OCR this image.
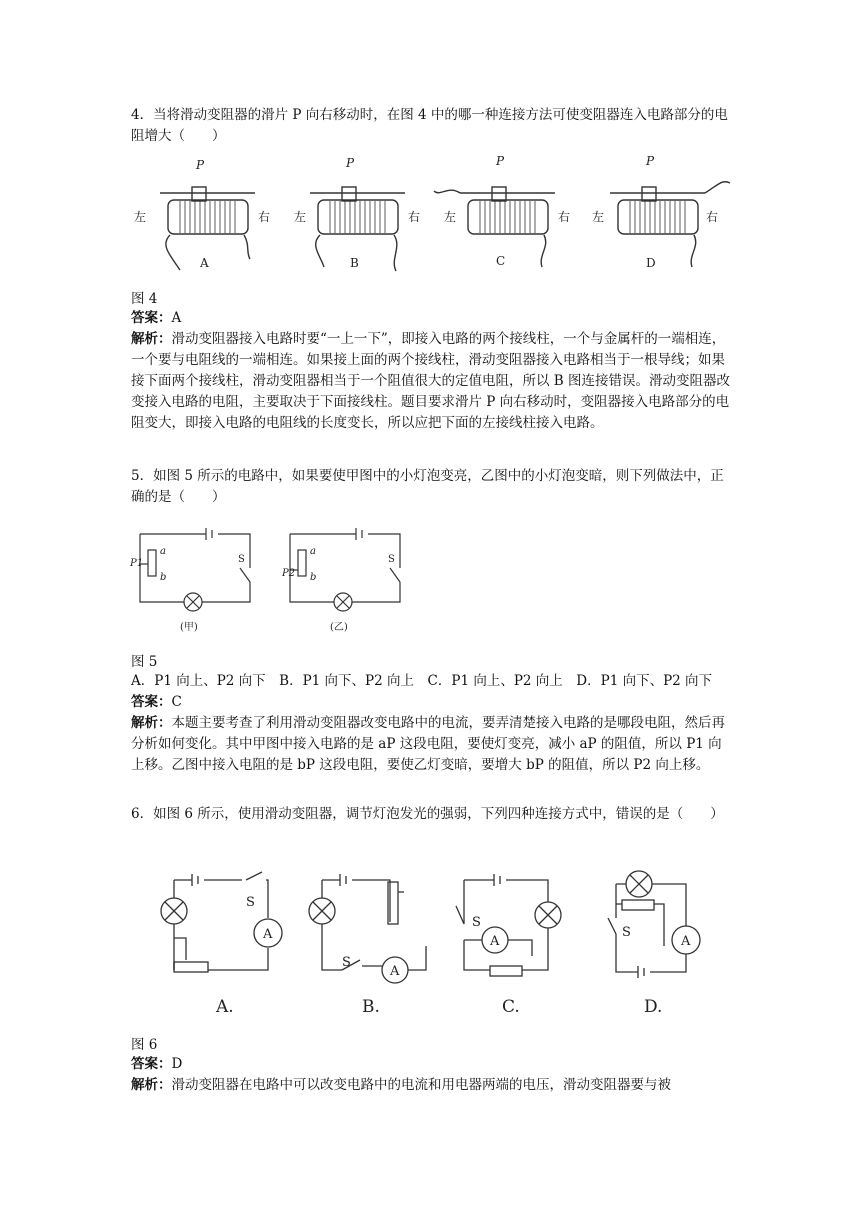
4．当将滑动变阻器的滑片 P 向右移动时，在图 4 中的哪一种连接方法可使变阻器连入电路部分的电阻增大（　　）

P	P	P	P
左	右 左	右 左	右 左	右
A	B	C	D
图 4

答案：A

解析：滑动变阻器接入电路时要“一上一下”，即接入电路的两个接线柱，一个与金属杆的一端相连，一个要与电阻线的一端相连。如果接上面的两个接线柱，滑动变阻器接入电路相当于一根导线；如果接下面两个接线柱，滑动变阻器相当于一个阻值很大的定值电阻，所以 B 图连接错误。滑动变阻器改变接入电路的电阻，主要取决于下面接线柱。题目要求滑片 P 向右移动时，变阻器接入电路部分的电阻变大，即接入电路的电阻线的长度变长，所以应把下面的左接线柱接入电路。

5．如图 5 所示的电路中，如果要使甲图中的小灯泡变亮，乙图中的小灯泡变暗，则下列做法中，正确的是（　　）

P1
a
b
S
P2
a
b
S
(甲)	(乙)
图 5

A．P1 向上、P2 向下　B．P1 向下、P2 向上　C．P1 向上、P2 向上　D．P1 向下、P2 向下

答案：C

解析：本题主要考查了利用滑动变阻器改变电路中的电流，要弄清楚接入电路的是哪段电阻，然后再分析如何变化。其中甲图中接入电路的是 aP 这段电阻，要使灯变亮，减小 aP 的阻值，所以 P1 向上移。乙图中接入电阻的是 bP 这段电阻，要使乙灯变暗，要增大 bP 的阻值，所以 P2 向上移。

6．如图 6 所示，使用滑动变阻器，调节灯泡发光的强弱，下列四种连接方式中，错误的是（　　）

S
A
S
A
S
A
S
A
A.	B.	C.	D.
图 6

答案：D

解析：滑动变阻器在电路中可以改变电路中的电流和用电器两端的电压，滑动变阻器要与被
